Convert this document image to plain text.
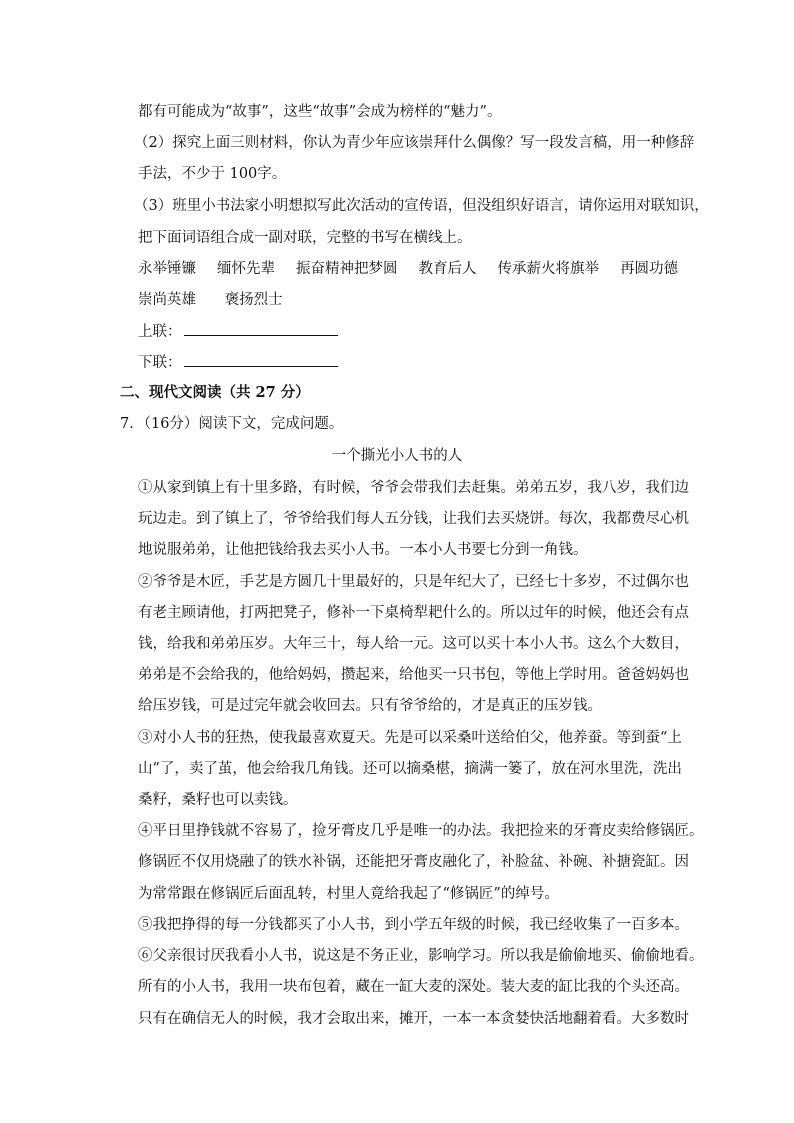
都有可能成为“故事”，这些“故事”会成为榜样的“魅力”。
（2）探究上面三则材料，你认为青少年应该崇拜什么偶像？写一段发言稿，用一种修辞
手法，不少于 100字。
（3）班里小书法家小明想拟写此次活动的宣传语，但没组织好语言，请你运用对联知识，
把下面词语组合成一副对联，完整的书写在横线上。
永举锤镰 缅怀先辈 振奋精神把梦圆 教育后人 传承薪火将旗举 再圆功德
崇尚英雄 褒扬烈士
上联：
下联：
二、现代文阅读（共 27 分）
7．（16分）阅读下文，完成问题。
一个撕光小人书的人
①从家到镇上有十里多路，有时候，爷爷会带我们去赶集。弟弟五岁，我八岁，我们边
玩边走。到了镇上了，爷爷给我们每人五分钱，让我们去买烧饼。每次，我都费尽心机
地说服弟弟，让他把钱给我去买小人书。一本小人书要七分到一角钱。
②爷爷是木匠，手艺是方圆几十里最好的，只是年纪大了，已经七十多岁，不过偶尔也
有老主顾请他，打两把凳子，修补一下桌椅犁耙什么的。所以过年的时候，他还会有点
钱，给我和弟弟压岁。大年三十，每人给一元。这可以买十本小人书。这么个大数目，
弟弟是不会给我的，他给妈妈，攒起来，给他买一只书包，等他上学时用。爸爸妈妈也
给压岁钱，可是过完年就会收回去。只有爷爷给的，才是真正的压岁钱。
③对小人书的狂热，使我最喜欢夏天。先是可以采桑叶送给伯父，他养蚕。等到蚕“上
山”了，卖了茧，他会给我几角钱。还可以摘桑椹，摘满一篓了，放在河水里洗，洗出
桑籽，桑籽也可以卖钱。
④平日里挣钱就不容易了，捡牙膏皮几乎是唯一的办法。我把捡来的牙膏皮卖给修锅匠。
修锅匠不仅用烧融了的铁水补锅，还能把牙膏皮融化了，补脸盆、补碗、补搪瓷缸。因
为常常跟在修锅匠后面乱转，村里人竟给我起了“修锅匠”的绰号。
⑤我把挣得的每一分钱都买了小人书，到小学五年级的时候，我已经收集了一百多本。
⑥父亲很讨厌我看小人书，说这是不务正业，影响学习。所以我是偷偷地买、偷偷地看。
所有的小人书，我用一块布包着，藏在一缸大麦的深处。装大麦的缸比我的个头还高。
只有在确信无人的时候，我才会取出来，摊开，一本一本贪婪快活地翻着看。大多数时
